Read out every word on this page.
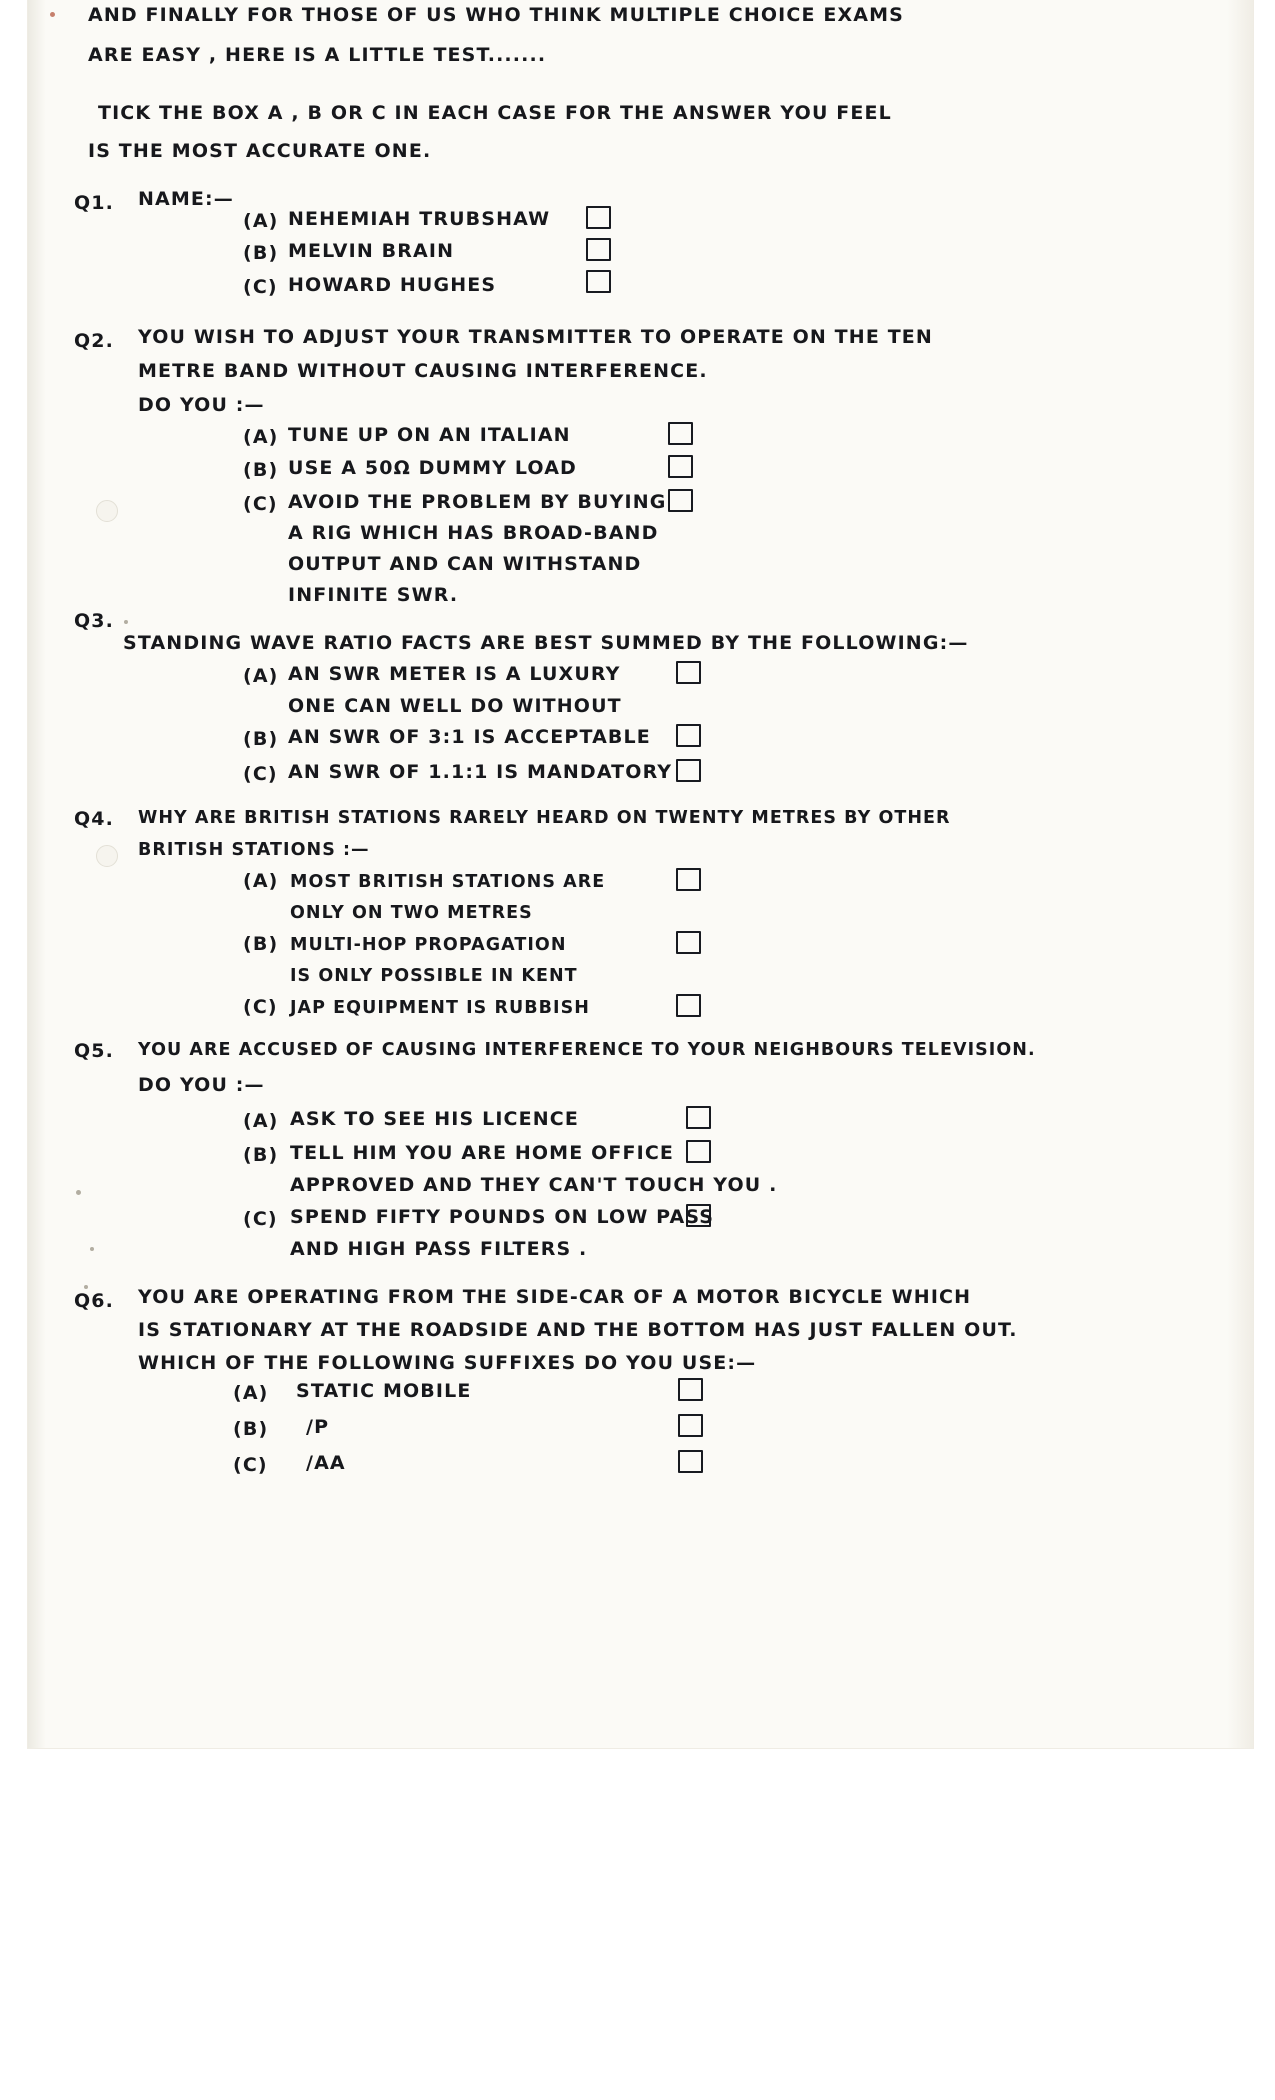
AND FINALLY FOR THOSE OF US WHO THINK MULTIPLE CHOICE EXAMS
ARE EASY , HERE IS A LITTLE TEST.......
TICK THE BOX A , B OR C IN EACH CASE FOR THE ANSWER YOU FEEL
IS THE MOST ACCURATE ONE.
Q1. NAME:—
(A) NEHEMIAH TRUBSHAW
(B) MELVIN BRAIN
(C) HOWARD HUGHES
Q2. YOU WISH TO ADJUST YOUR TRANSMITTER TO OPERATE ON THE TEN
METRE BAND WITHOUT CAUSING INTERFERENCE.
DO YOU :—
(A) TUNE UP ON AN ITALIAN
(B) USE A 50Ω DUMMY LOAD
(C) AVOID THE PROBLEM BY BUYING
A RIG WHICH HAS BROAD-BAND
OUTPUT AND CAN WITHSTAND
INFINITE SWR.
Q3.
STANDING WAVE RATIO FACTS ARE BEST SUMMED BY THE FOLLOWING:—
(A) AN SWR METER IS A LUXURY
ONE CAN WELL DO WITHOUT
(B) AN SWR OF 3:1 IS ACCEPTABLE
(C) AN SWR OF 1.1:1 IS MANDATORY
Q4. WHY ARE BRITISH STATIONS RARELY HEARD ON TWENTY METRES BY OTHER
BRITISH STATIONS :—
(A) MOST BRITISH STATIONS ARE
ONLY ON TWO METRES
(B) MULTI-HOP PROPAGATION
IS ONLY POSSIBLE IN KENT
(C) JAP EQUIPMENT IS RUBBISH
Q5. YOU ARE ACCUSED OF CAUSING INTERFERENCE TO YOUR NEIGHBOURS TELEVISION.
DO YOU :—
(A) ASK TO SEE HIS LICENCE
(B) TELL HIM YOU ARE HOME OFFICE
APPROVED AND THEY CAN'T TOUCH YOU .
(C) SPEND FIFTY POUNDS ON LOW PASS
AND HIGH PASS FILTERS .
Q6. YOU ARE OPERATING FROM THE SIDE-CAR OF A MOTOR BICYCLE WHICH
IS STATIONARY AT THE ROADSIDE AND THE BOTTOM HAS JUST FALLEN OUT.
WHICH OF THE FOLLOWING SUFFIXES DO YOU USE:—
(A) STATIC MOBILE
(B) /P
(C) /AA
